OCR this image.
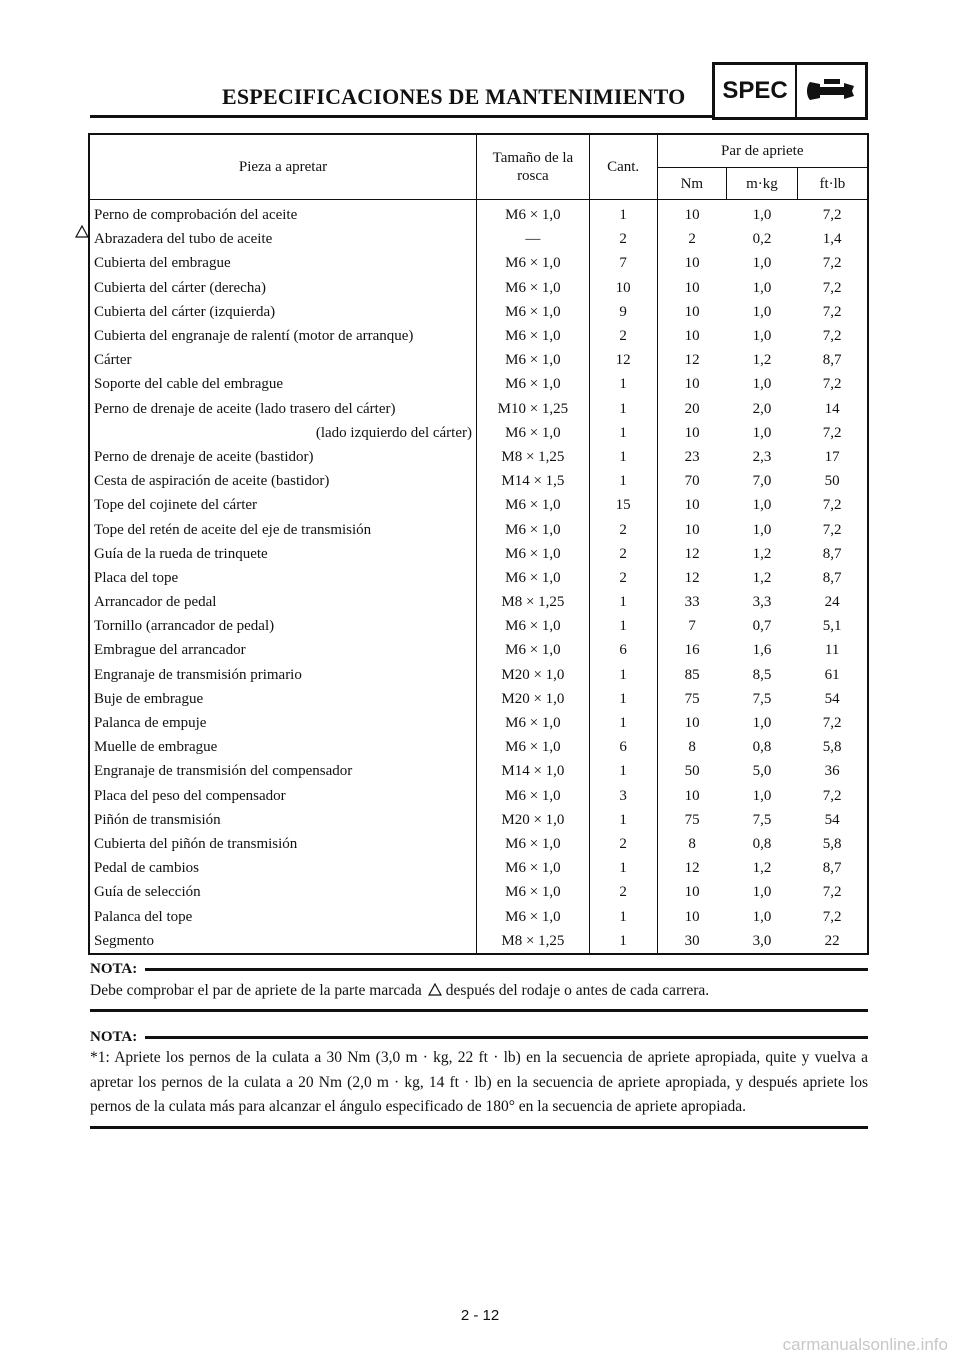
ESPECIFICACIONES DE MANTENIMIENTO	SPEC
Pieza a apretar	Tamaño de la rosca	Cant.	Par de apriete		
			Nm	m·kg	ft·lb
Perno de comprobación del aceite	M6 × 1,0	1	10	1,0	7,2
Abrazadera del tubo de aceite	—	2	2	0,2	1,4
Cubierta del embrague	M6 × 1,0	7	10	1,0	7,2
Cubierta del cárter (derecha)	M6 × 1,0	10	10	1,0	7,2
Cubierta del cárter (izquierda)	M6 × 1,0	9	10	1,0	7,2
Cubierta del engranaje de ralentí (motor de arranque)	M6 × 1,0	2	10	1,0	7,2
Cárter	M6 × 1,0	12	12	1,2	8,7
Soporte del cable del embrague	M6 × 1,0	1	10	1,0	7,2
Perno de drenaje de aceite (lado trasero del cárter)	M10 × 1,25	1	20	2,0	14
(lado izquierdo del cárter)	M6 × 1,0	1	10	1,0	7,2
Perno de drenaje de aceite (bastidor)	M8 × 1,25	1	23	2,3	17
Cesta de aspiración de aceite (bastidor)	M14 × 1,5	1	70	7,0	50
Tope del cojinete del cárter	M6 × 1,0	15	10	1,0	7,2
Tope del retén de aceite del eje de transmisión	M6 × 1,0	2	10	1,0	7,2
Guía de la rueda de trinquete	M6 × 1,0	2	12	1,2	8,7
Placa del tope	M6 × 1,0	2	12	1,2	8,7
Arrancador de pedal	M8 × 1,25	1	33	3,3	24
Tornillo (arrancador de pedal)	M6 × 1,0	1	7	0,7	5,1
Embrague del arrancador	M6 × 1,0	6	16	1,6	11
Engranaje de transmisión primario	M20 × 1,0	1	85	8,5	61
Buje de embrague	M20 × 1,0	1	75	7,5	54
Palanca de empuje	M6 × 1,0	1	10	1,0	7,2
Muelle de embrague	M6 × 1,0	6	8	0,8	5,8
Engranaje de transmisión del compensador	M14 × 1,0	1	50	5,0	36
Placa del peso del compensador	M6 × 1,0	3	10	1,0	7,2
Piñón de transmisión	M20 × 1,0	1	75	7,5	54
Cubierta del piñón de transmisión	M6 × 1,0	2	8	0,8	5,8
Pedal de cambios	M6 × 1,0	1	12	1,2	8,7
Guía de selección	M6 × 1,0	2	10	1,0	7,2
Palanca del tope	M6 × 1,0	1	10	1,0	7,2
Segmento	M8 × 1,25	1	30	3,0	22
NOTA:
Debe comprobar el par de apriete de la parte marcada después del rodaje o antes de cada carrera.
NOTA:
*1: Apriete los pernos de la culata a 30 Nm (3,0 m · kg, 22 ft · lb) en la secuencia de apriete apropiada, quite y vuelva a apretar los pernos de la culata a 20 Nm (2,0 m · kg, 14 ft · lb) en la secuencia de apriete apropiada, y después apriete los pernos de la culata más para alcanzar el ángulo especificado de 180° en la secuencia de apriete apropiada.
2 - 12
carmanualsonline.info
